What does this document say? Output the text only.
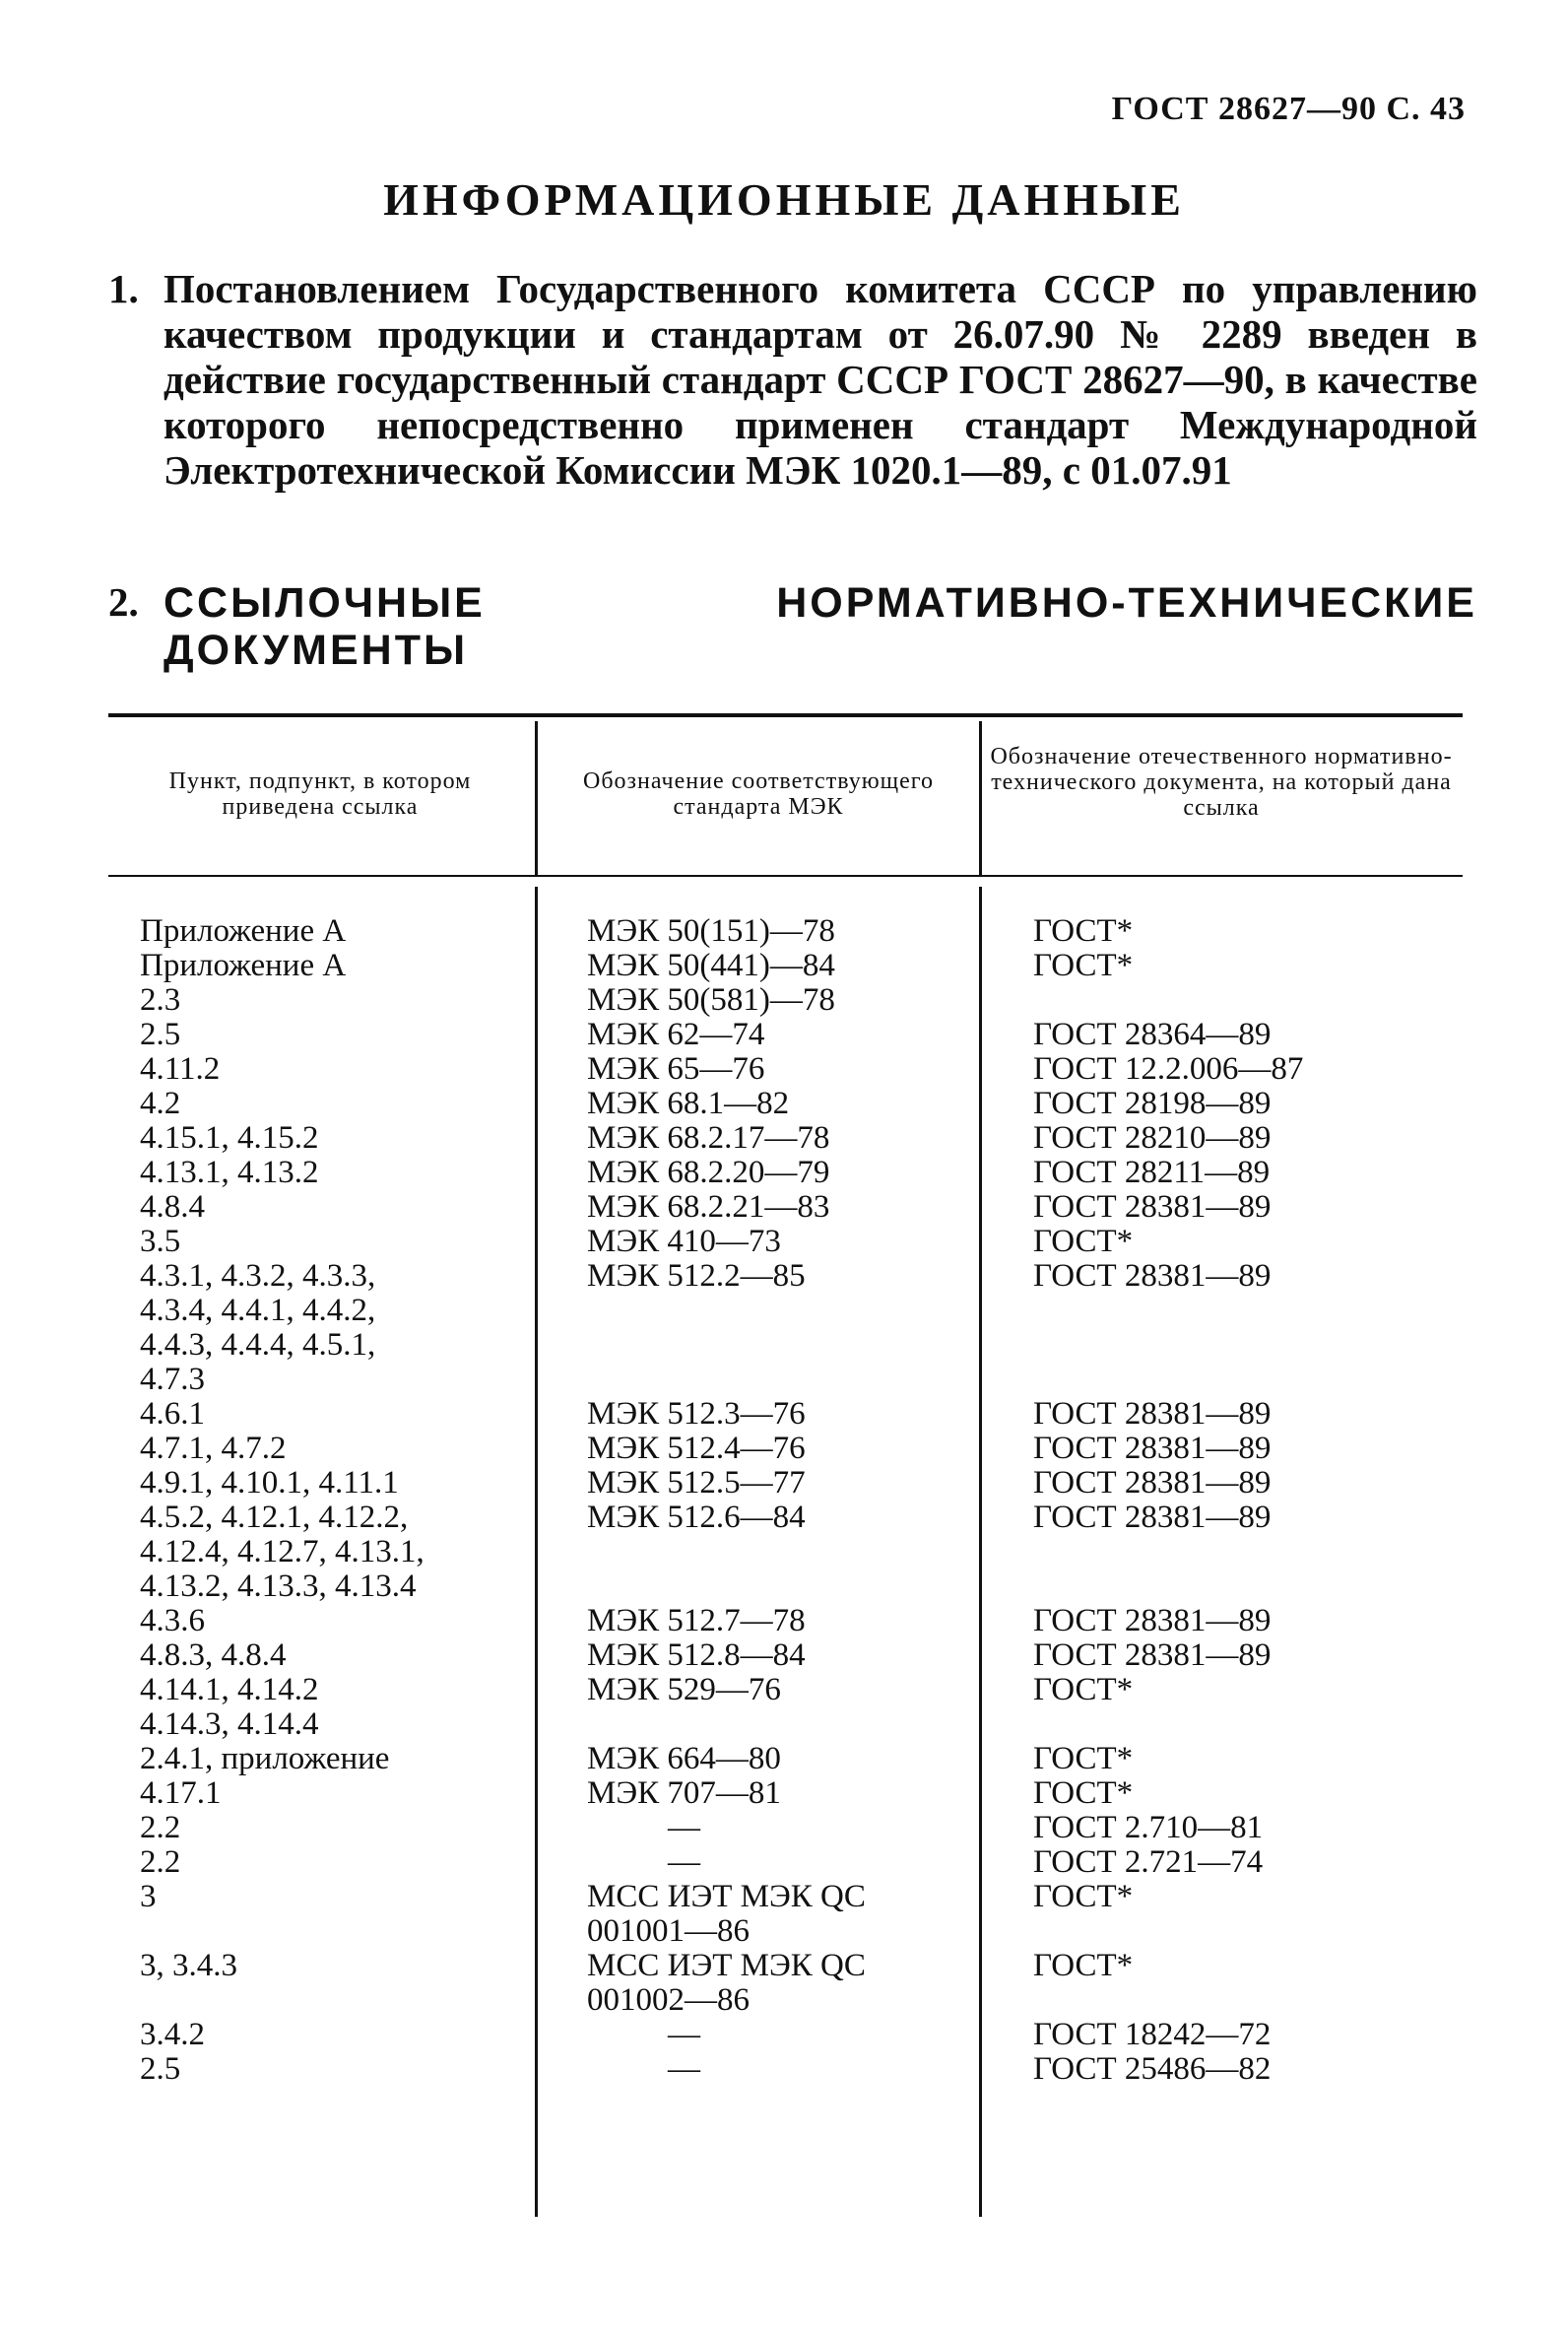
ГОСТ 28627—90 С. 43
ИНФОРМАЦИОННЫЕ ДАННЫЕ
1. Постановлением Государственного комитета СССР по управлению качеством продукции и стандартам от 26.07.90 № 2289 введен в действие государственный стандарт СССР ГОСТ 28627—90, в качестве которого непосредственно применен стандарт Международной Электротехнической Комиссии МЭК 1020.1—89, с 01.07.91
2. ССЫЛОЧНЫЕ НОРМАТИВНО-ТЕХНИЧЕСКИЕ ДОКУМЕНТЫ
Пункт, подпункт, в котором приведена ссылка
Обозначение соответствующего стандарта МЭК
Обозначение отечественного нормативно-технического документа, на который дана ссылка
Приложение А	МЭК 50(151)—78	ГОСТ*
Приложение А	МЭК 50(441)—84	ГОСТ*
2.3	МЭК 50(581)—78
2.5	МЭК 62—74	ГОСТ 28364—89
4.11.2	МЭК 65—76	ГОСТ 12.2.006—87
4.2	МЭК 68.1—82	ГОСТ 28198—89
4.15.1, 4.15.2	МЭК 68.2.17—78	ГОСТ 28210—89
4.13.1, 4.13.2	МЭК 68.2.20—79	ГОСТ 28211—89
4.8.4	МЭК 68.2.21—83	ГОСТ 28381—89
3.5	МЭК 410—73	ГОСТ*
4.3.1, 4.3.2, 4.3.3,	МЭК 512.2—85	ГОСТ 28381—89
4.3.4, 4.4.1, 4.4.2,
4.4.3, 4.4.4, 4.5.1,
4.7.3
4.6.1	МЭК 512.3—76	ГОСТ 28381—89
4.7.1, 4.7.2	МЭК 512.4—76	ГОСТ 28381—89
4.9.1, 4.10.1, 4.11.1	МЭК 512.5—77	ГОСТ 28381—89
4.5.2, 4.12.1, 4.12.2,	МЭК 512.6—84	ГОСТ 28381—89
4.12.4, 4.12.7, 4.13.1,
4.13.2, 4.13.3, 4.13.4
4.3.6	МЭК 512.7—78	ГОСТ 28381—89
4.8.3, 4.8.4	МЭК 512.8—84	ГОСТ 28381—89
4.14.1, 4.14.2	МЭК 529—76	ГОСТ*
4.14.3, 4.14.4
2.4.1, приложение	МЭК 664—80	ГОСТ*
4.17.1	МЭК 707—81	ГОСТ*
2.2	—	ГОСТ 2.710—81
2.2	—	ГОСТ 2.721—74
3	МСС ИЭТ МЭК QC	ГОСТ*
001001—86
3, 3.4.3	МСС ИЭТ МЭК QC	ГОСТ*
001002—86
3.4.2	—	ГОСТ 18242—72
2.5	—	ГОСТ 25486—82
